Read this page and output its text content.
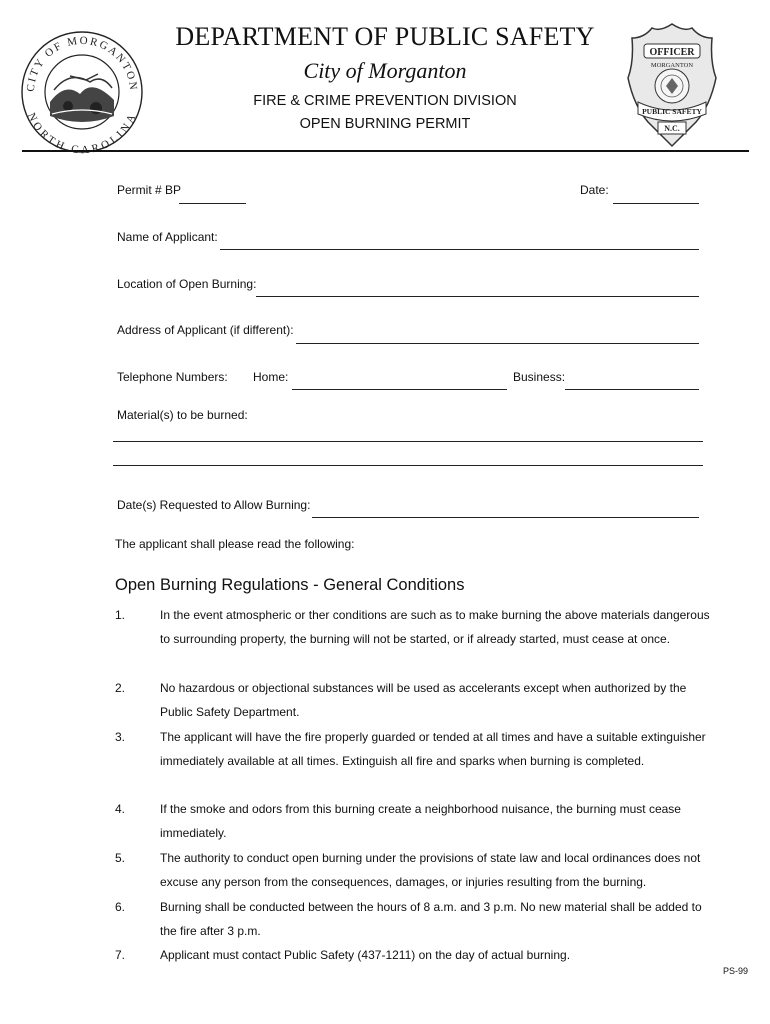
CITY OF MORGANTON
NORTH CAROLINA
DEPARTMENT OF PUBLIC SAFETY
City of Morganton
FIRE & CRIME PREVENTION DIVISION
OPEN BURNING PERMIT
OFFICER
MORGANTON
PUBLIC SAFETY
N.C.
Permit # BP	Date:
Name of Applicant:
Location of Open Burning:
Address of Applicant (if different):
Telephone Numbers: Home:	Business:
Material(s) to be burned:
Date(s) Requested to Allow Burning:
The applicant shall please read the following:
Open Burning Regulations - General Conditions
1.	In the event atmospheric or ther conditions are such as to make burning the above materials dangerous to surrounding property, the burning will not be started, or if already started, must cease at once.
2.	No hazardous or objectional substances will be used as accelerants except when authorized by the Public Safety Department.
3.	The applicant will have the fire properly guarded or tended at all times and have a suitable extinguisher immediately available at all times. Extinguish all fire and sparks when burning is completed.
4.	If the smoke and odors from this burning create a neighborhood nuisance, the burning must cease immediately.
5.	The authority to conduct open burning under the provisions of state law and local ordinances does not excuse any person from the consequences, damages, or injuries resulting from the burning.
6.	Burning shall be conducted between the hours of 8 a.m. and 3 p.m. No new material shall be added to the fire after 3 p.m.
7.	Applicant must contact Public Safety (437-1211) on the day of actual burning.
PS-99
